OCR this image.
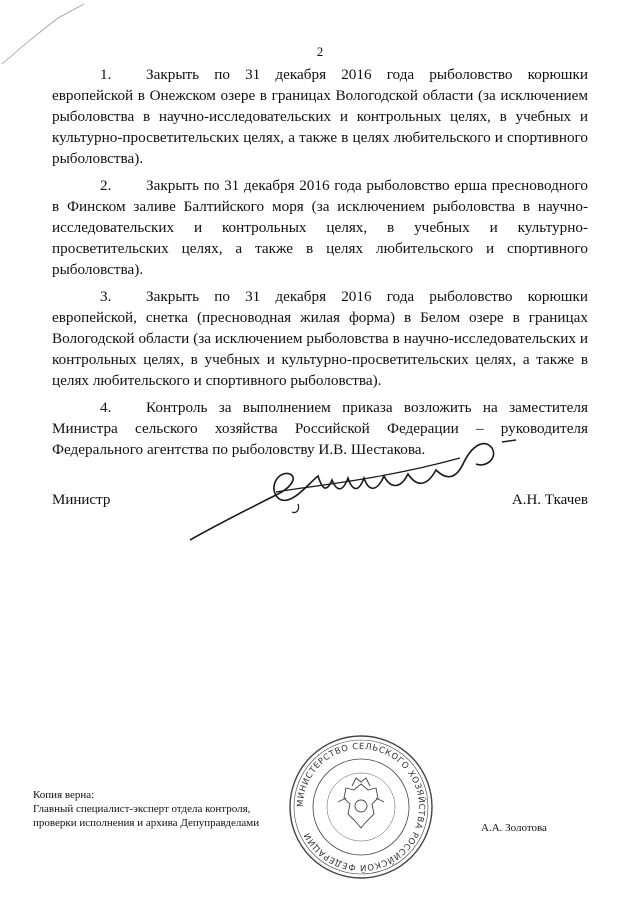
2

1. Закрыть по 31 декабря 2016 года рыболовство корюшки европейской в Онежском озере в границах Вологодской области (за исключением рыболовства в научно-исследовательских и контрольных целях, в учебных и культурно-просветительских целях, а также в целях любительского и спортивного рыболовства).

2. Закрыть по 31 декабря 2016 года рыболовство ерша пресноводного в Финском заливе Балтийского моря (за исключением рыболовства в научно-исследовательских и контрольных целях, в учебных и культурно-просветительских целях, а также в целях любительского и спортивного рыболовства).

3. Закрыть по 31 декабря 2016 года рыболовство корюшки европейской, снетка (пресноводная жилая форма) в Белом озере в границах Вологодской области (за исключением рыболовства в научно-исследовательских и контрольных целях, в учебных и культурно-просветительских целях, а также в целях любительского и спортивного рыболовства).

4. Контроль за выполнением приказа возложить на заместителя Министра сельского хозяйства Российской Федерации – руководителя Федерального агентства по рыболовству И.В. Шестакова.

Министр	А.Н. Ткачев
Копия верна:
Главный специалист-эксперт отдела контроля,
проверки исполнения и архива Депуправделами	А.А. Золотова
МИНИСТЕРСТВО СЕЛЬСКОГО ХОЗЯЙСТВА РОССИЙСКОЙ ФЕДЕРАЦИИ
